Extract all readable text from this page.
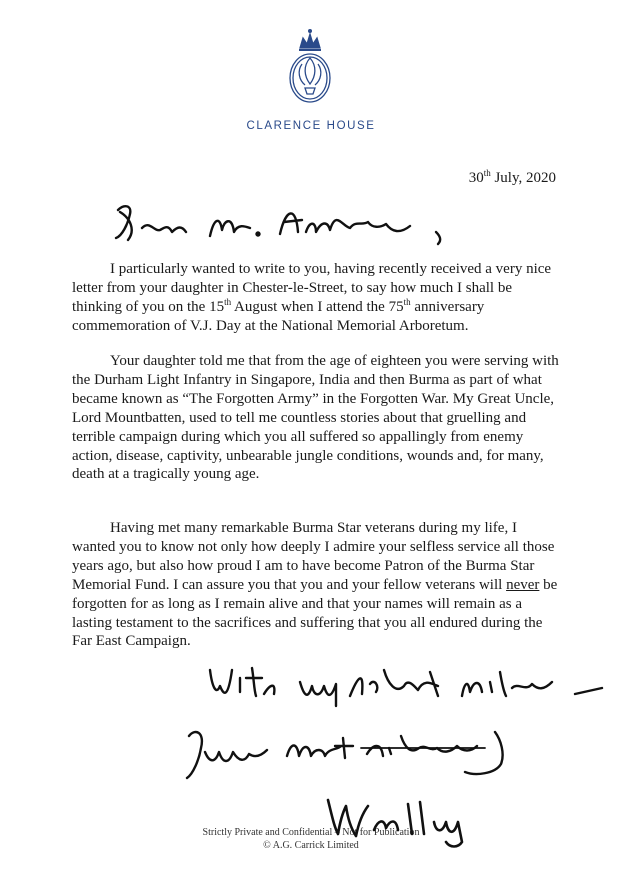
CLARENCE HOUSE
30th July, 2020

I particularly wanted to write to you, having recently received a very nice letter from your daughter in Chester-le-Street, to say how much I shall be thinking of you on the 15th August when I attend the 75th anniversary commemoration of V.J. Day at the National Memorial Arboretum.

Your daughter told me that from the age of eighteen you were serving with the Durham Light Infantry in Singapore, India and then Burma as part of what became known as “The Forgotten Army” in the Forgotten War. My Great Uncle, Lord Mountbatten, used to tell me countless stories about that gruelling and terrible campaign during which you all suffered so appallingly from enemy action, disease, captivity, unbearable jungle conditions, wounds and, for many, death at a tragically young age.

Having met many remarkable Burma Star veterans during my life, I wanted you to know not only how deeply I admire your selfless service all those years ago, but also how proud I am to have become Patron of the Burma Star Memorial Fund. I can assure you that you and your fellow veterans will never be forgotten for as long as I remain alive and that your names will remain as a lasting testament to the sacrifices and suffering that you all endured during the Far East Campaign.

Strictly Private and Confidential – Not for Publication
© A.G. Carrick Limited
